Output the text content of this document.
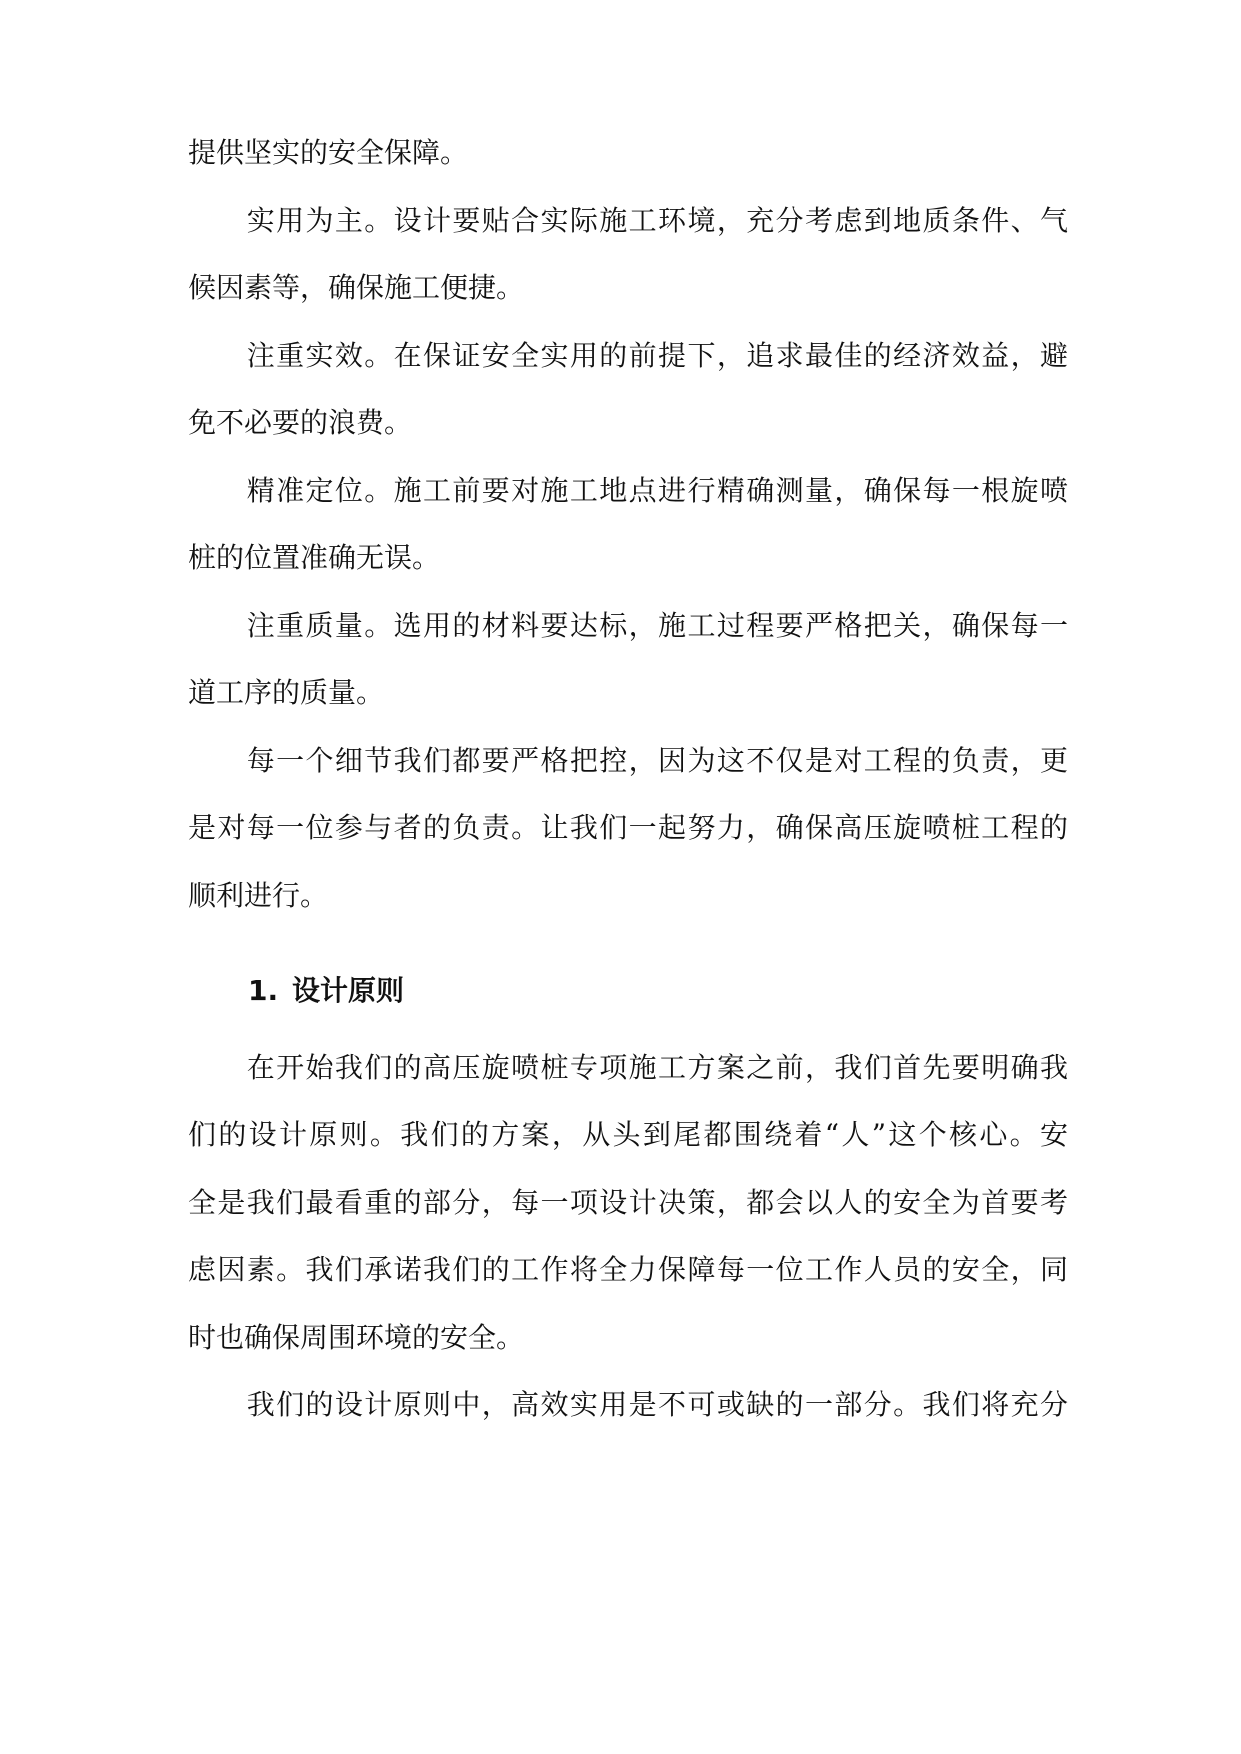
提供坚实的安全保障。
　　实用为主。设计要贴合实际施工环境，充分考虑到地质条件、气
候因素等，确保施工便捷。
　　注重实效。在保证安全实用的前提下，追求最佳的经济效益，避
免不必要的浪费。
　　精准定位。施工前要对施工地点进行精确测量，确保每一根旋喷
桩的位置准确无误。
　　注重质量。选用的材料要达标，施工过程要严格把关，确保每一
道工序的质量。
　　每一个细节我们都要严格把控，因为这不仅是对工程的负责，更
是对每一位参与者的负责。让我们一起努力，确保高压旋喷桩工程的
顺利进行。
1. 设计原则
　　在开始我们的高压旋喷桩专项施工方案之前，我们首先要明确我
们的设计原则。我们的方案，从头到尾都围绕着“人”这个核心。安
全是我们最看重的部分，每一项设计决策，都会以人的安全为首要考
虑因素。我们承诺我们的工作将全力保障每一位工作人员的安全，同
时也确保周围环境的安全。
　　我们的设计原则中，高效实用是不可或缺的一部分。我们将充分
